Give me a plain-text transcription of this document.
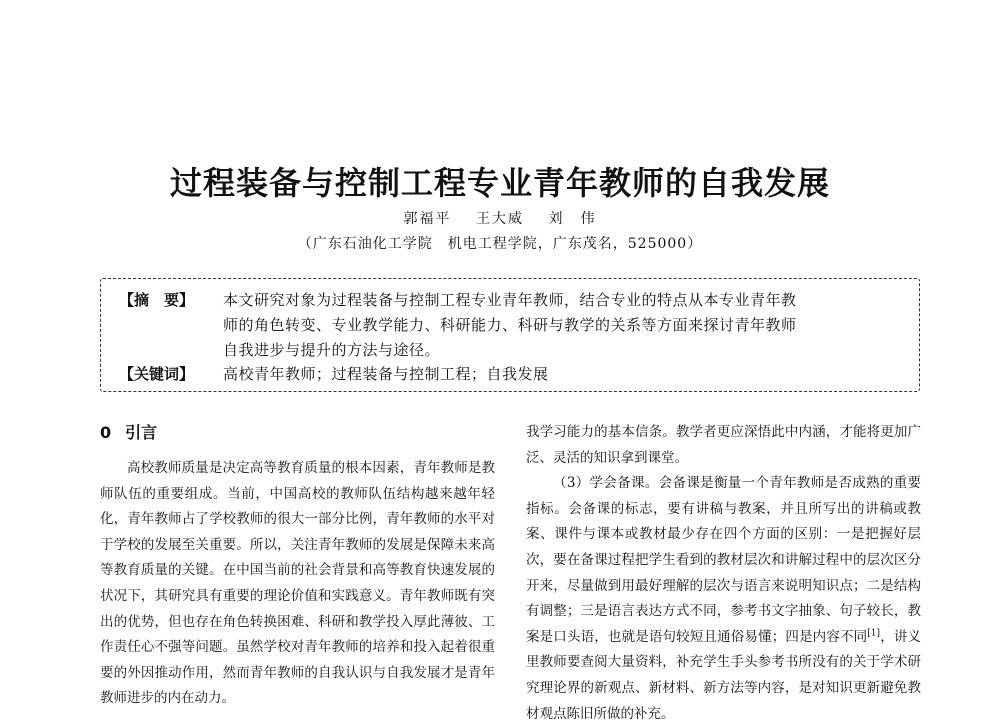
过程装备与控制工程专业青年教师的自我发展
郭福平 王大威 刘　伟
（广东石油化工学院　机电工程学院，广东茂名，525000）
【摘　要】 本文研究对象为过程装备与控制工程专业青年教师，结合专业的特点从本专业青年教
师的角色转变、专业教学能力、科研能力、科研与教学的关系等方面来探讨青年教师
自我进步与提升的方法与途径。
【关键词】 高校青年教师；过程装备与控制工程；自我发展
0 引言

高校教师质量是决定高等教育质量的根本因素，青年教师是教师队伍的重要组成。当前，中国高校的教师队伍结构越来越年轻化，青年教师占了学校教师的很大一部分比例，青年教师的水平对于学校的发展至关重要。所以，关注青年教师的发展是保障未来高等教育质量的关键。在中国当前的社会背景和高等教育快速发展的状况下，其研究具有重要的理论价值和实践意义。青年教师既有突出的优势，但也存在角色转换困难、科研和教学投入厚此薄彼、工作责任心不强等问题。虽然学校对青年教师的培养和投入起着很重要的外因推动作用，然而青年教师的自我认识与自我发展才是青年教师进步的内在动力。

我学习能力的基本信条。教学者更应深悟此中内涵，才能将更加广泛、灵活的知识拿到课堂。

（3）学会备课。会备课是衡量一个青年教师是否成熟的重要指标。会备课的标志，要有讲稿与教案，并且所写出的讲稿或教案、课件与课本或教材最少存在四个方面的区别：一是把握好层次，要在备课过程把学生看到的教材层次和讲解过程中的层次区分开来，尽量做到用最好理解的层次与语言来说明知识点；二是结构有调整；三是语言表达方式不同，参考书文字抽象、句子较长，教案是口头语，也就是语句较短且通俗易懂；四是内容不同[1]，讲义里教师要查阅大量资料，补充学生手头参考书所没有的关于学术研究理论界的新观点、新材料、新方法等内容，是对知识更新避免教材观点陈旧所做的补充。
